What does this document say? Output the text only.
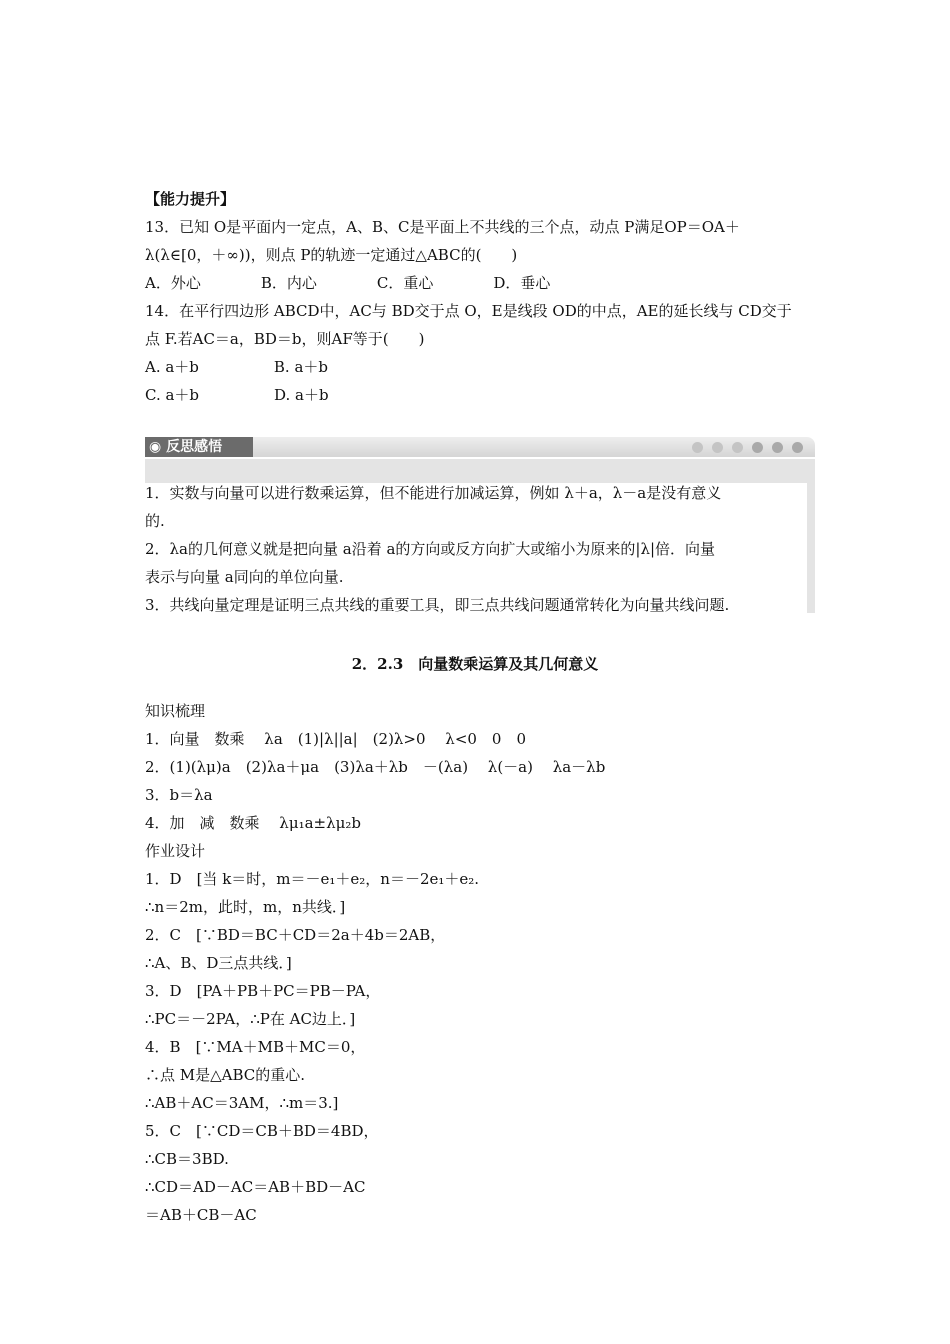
【能力提升】
13．已知 O是平面内一定点，A、B、C是平面上不共线的三个点，动点 P满足OP＝OA＋
λ(λ∈[0，＋∞))，则点 P的轨迹一定通过△ABC的(　　)
A．外心　　　　B．内心　　　　C．重心　　　　D．垂心
14．在平行四边形 ABCD中，AC与 BD交于点 O，E是线段 OD的中点，AE的延长线与 CD交于
点 F.若AC＝a，BD＝b，则AF等于(　　)
A. a＋b　　　　　B. a＋b
C. a＋b　　　　　D. a＋b
◉ 反思感悟
1．实数与向量可以进行数乘运算，但不能进行加减运算，例如 λ＋a，λ－a是没有意义
的.
2．λa的几何意义就是把向量 a沿着 a的方向或反方向扩大或缩小为原来的|λ|倍．向量
表示与向量 a同向的单位向量.
3．共线向量定理是证明三点共线的重要工具，即三点共线问题通常转化为向量共线问题.
2．2.3　向量数乘运算及其几何意义
知识梳理
1．向量　数乘　 λa　(1)|λ||a|　(2)λ>0　 λ<0　0　0
2．(1)(λμ)a　(2)λa＋μa　(3)λa＋λb　－(λa)　 λ(－a)　 λa－λb
3．b＝λa
4．加　减　数乘　 λμ₁a±λμ₂b
作业设计
1．D　[当 k＝时，m＝－e₁＋e₂，n＝－2e₁＋e₂.
∴n＝2m，此时，m，n共线．]
2．C　[∵BD＝BC＋CD＝2a＋4b＝2AB，
∴A、B、D三点共线．]
3．D　[PA＋PB＋PC＝PB－PA，
∴PC＝－2PA，∴P在 AC边上．]
4．B　[∵MA＋MB＋MC＝0，
∴点 M是△ABC的重心.
∴AB＋AC＝3AM，∴m＝3.]
5．C　[∵CD＝CB＋BD＝4BD，
∴CB＝3BD.
∴CD＝AD－AC＝AB＋BD－AC
＝AB＋CB－AC
